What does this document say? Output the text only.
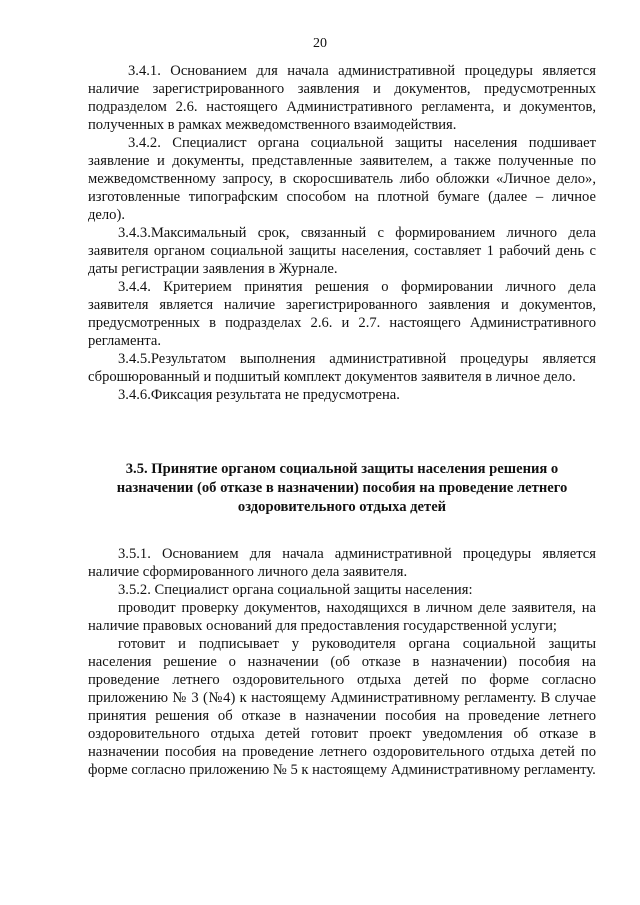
20

3.4.1. Основанием для начала административной процедуры является наличие зарегистрированного заявления и документов, предусмотренных подразделом 2.6. настоящего Административного регламента, и документов, полученных в рамках межведомственного взаимодействия.

3.4.2. Специалист органа социальной защиты населения подшивает заявление и документы, представленные заявителем, а также полученные по межведомственному запросу, в скоросшиватель либо обложки «Личное дело», изготовленные типографским способом на плотной бумаге (далее – личное дело).

3.4.3.Максимальный срок, связанный с формированием личного дела заявителя органом социальной защиты населения, составляет 1 рабочий день с даты регистрации заявления в Журнале.

3.4.4. Критерием принятия решения о формировании личного дела заявителя является наличие зарегистрированного заявления и документов, предусмотренных в подразделах 2.6. и 2.7. настоящего Административного регламента.

3.4.5.Результатом выполнения административной процедуры является сброшюрованный и подшитый комплект документов заявителя в личное дело.

3.4.6.Фиксация результата не предусмотрена.

3.5. Принятие органом социальной защиты населения решения о назначении (об отказе в назначении) пособия на проведение летнего оздоровительного отдыха детей

3.5.1. Основанием для начала административной процедуры является наличие сформированного личного дела заявителя.

3.5.2. Специалист органа социальной защиты населения:

проводит проверку документов, находящихся в личном деле заявителя, на наличие правовых оснований для предоставления государственной услуги;

готовит и подписывает у руководителя органа социальной защиты населения решение о назначении (об отказе в назначении) пособия на проведение летнего оздоровительного отдыха детей по форме согласно приложению № 3 (№4) к настоящему Административному регламенту. В случае принятия решения об отказе в назначении пособия на проведение летнего оздоровительного отдыха детей готовит проект уведомления об отказе в назначении пособия на проведение летнего оздоровительного отдыха детей по форме согласно приложению № 5 к настоящему Административному регламенту.
